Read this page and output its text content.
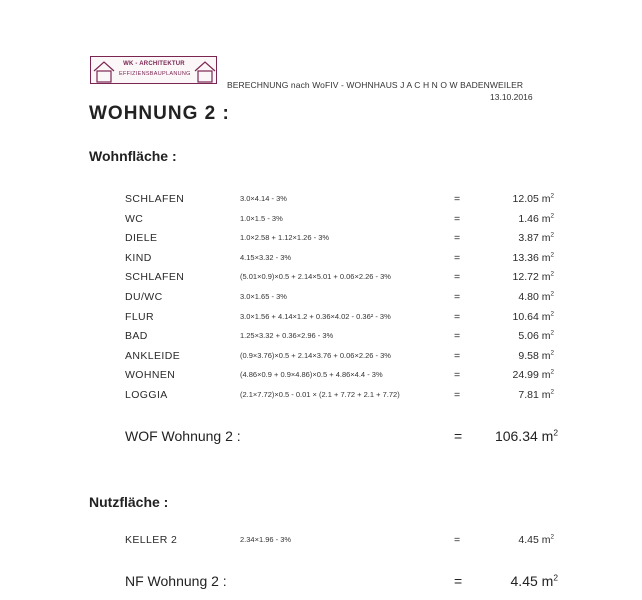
WK - ARCHITEKTUR
EFFIZIENSBAUPLANUNG
BERECHNUNG nach WoFIV - WOHNHAUS J A C H N O W BADENWEILER
13.10.2016
WOHNUNG 2 :
Wohnfläche :
SCHLAFEN	3.0×4.14 - 3%	=	12.05 $m^2$
WC	1.0×1.5 - 3%	=	1.46 $m^2$
DIELE	1.0×2.58 + 1.12×1.26 - 3%	=	3.87 $m^2$
KIND	4.15×3.32 - 3%	=	13.36 $m^2$
SCHLAFEN	(5.01×0.9)×0.5 + 2.14×5.01 + 0.06×2.26 - 3%	=	12.72 $m^2$
DU/WC	3.0×1.65 - 3%	=	4.80 $m^2$
FLUR	3.0×1.56 + 4.14×1.2 + 0.36×4.02 - 0.36² - 3%	=	10.64 $m^2$
BAD	1.25×3.32 + 0.36×2.96 - 3%	=	5.06 $m^2$
ANKLEIDE	(0.9×3.76)×0.5 + 2.14×3.76 + 0.06×2.26 - 3%	=	9.58 $m^2$
WOHNEN	(4.86×0.9 + 0.9×4.86)×0.5 + 4.86×4.4 - 3%	=	24.99 $m^2$
LOGGIA	(2.1×7.72)×0.5 - 0.01 × (2.1 + 7.72 + 2.1 + 7.72)	=	7.81 $m^2$
WOF Wohnung 2 :	= 106.34 $m^2$
Nutzfläche :
KELLER 2	2.34×1.96 - 3%	=	4.45 $m^2$
NF Wohnung 2 :	=	4.45 $m^2$
